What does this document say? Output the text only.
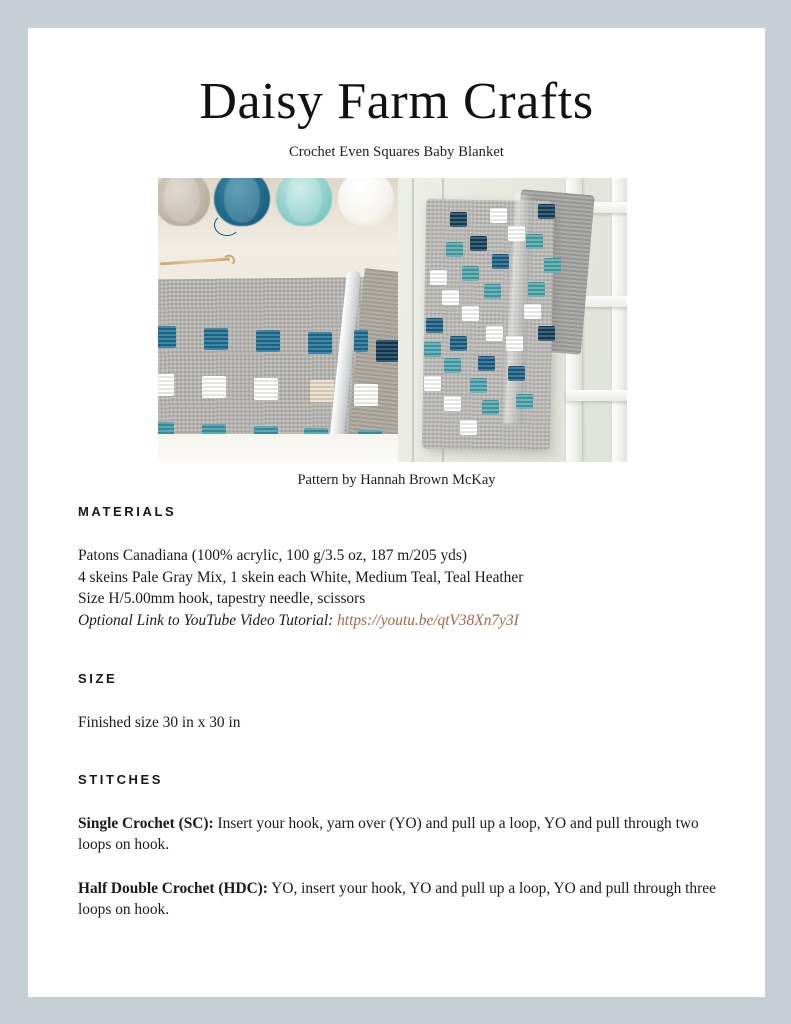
Daisy Farm Crafts

Crochet Even Squares Baby Blanket

Pattern by Hannah Brown McKay
MATERIALS

Patons Canadiana (100% acrylic, 100 g/3.5 oz, 187 m/205 yds)

4 skeins Pale Gray Mix, 1 skein each White, Medium Teal, Teal Heather

Size H/5.00mm hook, tapestry needle, scissors

Optional Link to YouTube Video Tutorial: https://youtu.be/qtV38Xn7y3I

SIZE

Finished size 30 in x 30 in

STITCHES

Single Crochet (SC): Insert your hook, yarn over (YO) and pull up a loop, YO and pull through two loops on hook.

Half Double Crochet (HDC): YO, insert your hook, YO and pull up a loop, YO and pull through three loops on hook.
